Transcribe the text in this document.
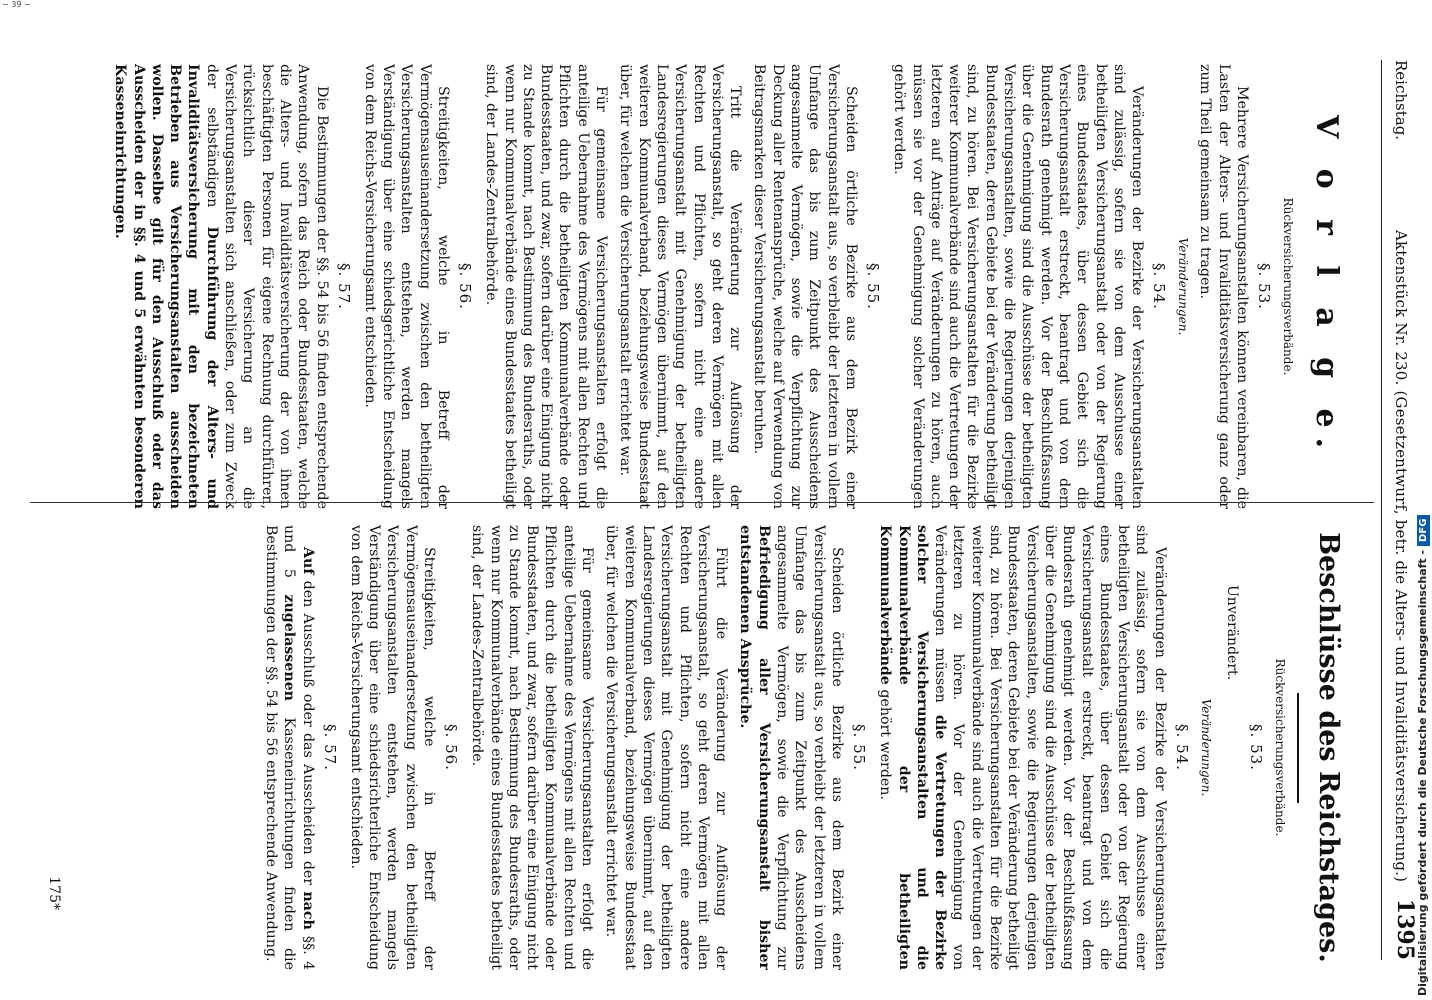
Reichstag.
Aktenstück Nr. 230. (Gesetzentwurf, betr. die Alters- und Invaliditätsversicherung.)
1395
V o r l a g e.
Rückversicherungsverbände.
§. 53.

Mehrere Versicherungsanstalten können vereinbaren, die Lasten der Alters- und Invaliditätsversicherung ganz oder zum Theil gemeinsam zu tragen.

Veränderungen.
§. 54.

Veränderungen der Bezirke der Versicherungsanstalten sind zulässig, sofern sie von dem Ausschusse einer betheiligten Versicherungsanstalt oder von der Regierung eines Bundesstaates, über dessen Gebiet sich die Versicherungsanstalt erstreckt, beantragt und von dem Bundesrath genehmigt werden. Vor der Beschlußfassung über die Genehmigung sind die Ausschüsse der betheiligten Versicherungsanstalten, sowie die Regierungen derjenigen Bundesstaaten, deren Gebiete bei der Veränderung betheiligt sind, zu hören. Bei Versicherungsanstalten für die Bezirke weiterer Kommunalverbände sind auch die Vertretungen der letzteren auf Anträge auf Veränderungen zu hören, auch müssen sie vor der Genehmigung solcher Veränderungen gehört werden.

§. 55.

Scheiden örtliche Bezirke aus dem Bezirk einer Versicherungsanstalt aus, so verbleibt der letzteren in vollem Umfange das bis zum Zeitpunkt des Ausscheidens angesammelte Vermögen, sowie die Verpflichtung zur Deckung aller Rentenansprüche, welche auf Verwendung von Beitragsmarken dieser Versicherungsanstalt beruhen.

Tritt die Veränderung zur Auflösung der Versicherungsanstalt, so geht deren Vermögen mit allen Rechten und Pflichten, sofern nicht eine andere Versicherungsanstalt mit Genehmigung der betheiligten Landesregierungen dieses Vermögen übernimmt, auf den weiteren Kommunalverband, beziehungsweise Bundesstaat über, für welchen die Versicherungsanstalt errichtet war.

Für gemeinsame Versicherungsanstalten erfolgt die anteilige Uebernahme des Vermögens mit allen Rechten und Pflichten durch die betheiligten Kommunalverbände oder Bundesstaaten, und zwar, sofern darüber eine Einigung nicht zu Stande kommt, nach Bestimmung des Bundesraths, oder wenn nur Kommunalverbände eines Bundesstaates betheiligt sind, der Landes-Zentralbehörde.

§. 56.

Streitigkeiten, welche in Betreff der Vermögensauseinandersetzung zwischen den betheiligten Versicherungsanstalten entstehen, werden mangels Verständigung über eine schiedsgerichtliche Entscheidung von dem Reichs-Versicherungsamt entschieden.

§. 57.

Die Bestimmungen der §§. 54 bis 56 finden entsprechende Anwendung, sofern das Reich oder Bundesstaaten, welche die Alters- und Invaliditätsversicherung der von ihnen beschäftigten Personen für eigene Rechnung durchführen, rücksichtlich dieser Versicherung an die Versicherungsanstalten sich anschließen, oder zum Zweck der selbständigen Durchführung der Alters- und Invaliditätsversicherung mit den bezeichneten Betrieben aus Versicherungsanstalten ausscheiden wollen. Dasselbe gilt für den Ausschluß oder das Ausscheiden der in §§. 4 und 5 erwähnten besonderen Kasseneinrichtungen.

Beschlüsse des Reichstages.
Rückversicherungsverbände.
§. 53.

Unverändert.

Veränderungen.
§. 54.

Veränderungen der Bezirke der Versicherungsanstalten sind zulässig, sofern sie von dem Ausschusse einer betheiligten Versicherungsanstalt oder von der Regierung eines Bundesstaates, über dessen Gebiet sich die Versicherungsanstalt erstreckt, beantragt und von dem Bundesrath genehmigt werden. Vor der Beschlußfassung über die Genehmigung sind die Ausschüsse der betheiligten Versicherungsanstalten, sowie die Regierungen derjenigen Bundesstaaten, deren Gebiete bei der Veränderung betheiligt sind, zu hören. Bei Versicherungsanstalten für die Bezirke weiterer Kommunalverbände sind auch die Vertretungen der letzteren zu hören. Vor der Genehmigung von Veränderungen müssen die Vertretungen der Bezirke solcher Versicherungsanstalten und die Kommunalverbände der betheiligten Kommunalverbände gehört werden.

§. 55.

Scheiden örtliche Bezirke aus dem Bezirk einer Versicherungsanstalt aus, so verbleibt der letzteren in vollem Umfange das bis zum Zeitpunkt des Ausscheidens angesammelte Vermögen, sowie die Verpflichtung zur Befriedigung aller Versicherungsanstalt bisher entstandenen Ansprüche.

Führt die Veränderung zur Auflösung der Versicherungsanstalt, so geht deren Vermögen mit allen Rechten und Pflichten, sofern nicht eine andere Versicherungsanstalt mit Genehmigung der betheiligten Landesregierungen dieses Vermögen übernimmt, auf den weiteren Kommunalverband, beziehungsweise Bundesstaat über, für welchen die Versicherungsanstalt errichtet war.

Für gemeinsame Versicherungsanstalten erfolgt die anteilige Uebernahme des Vermögens mit allen Rechten und Pflichten durch die betheiligten Kommunalverbände oder Bundesstaaten, und zwar, sofern darüber eine Einigung nicht zu Stande kommt, nach Bestimmung des Bundesraths, oder wenn nur Kommunalverbände eines Bundesstaates betheiligt sind, der Landes-Zentralbehörde.

§. 56.

Streitigkeiten, welche in Betreff der Vermögensauseinandersetzung zwischen den betheiligten Versicherungsanstalten entstehen, werden mangels Verständigung über eine schiedsrichterliche Entscheidung von dem Reichs-Versicherungsamt entschieden.

§. 57.

Auf den Ausschluß oder das Ausscheiden der nach §§. 4 und 5 zugelassenen Kasseneinrichtungen finden die Bestimmungen der §§. 54 bis 56 entsprechende Anwendung.

175*	Digitalisierung gefördert durch die Deutsche Forschungsgemeinschaft -DFG
− 39 −
